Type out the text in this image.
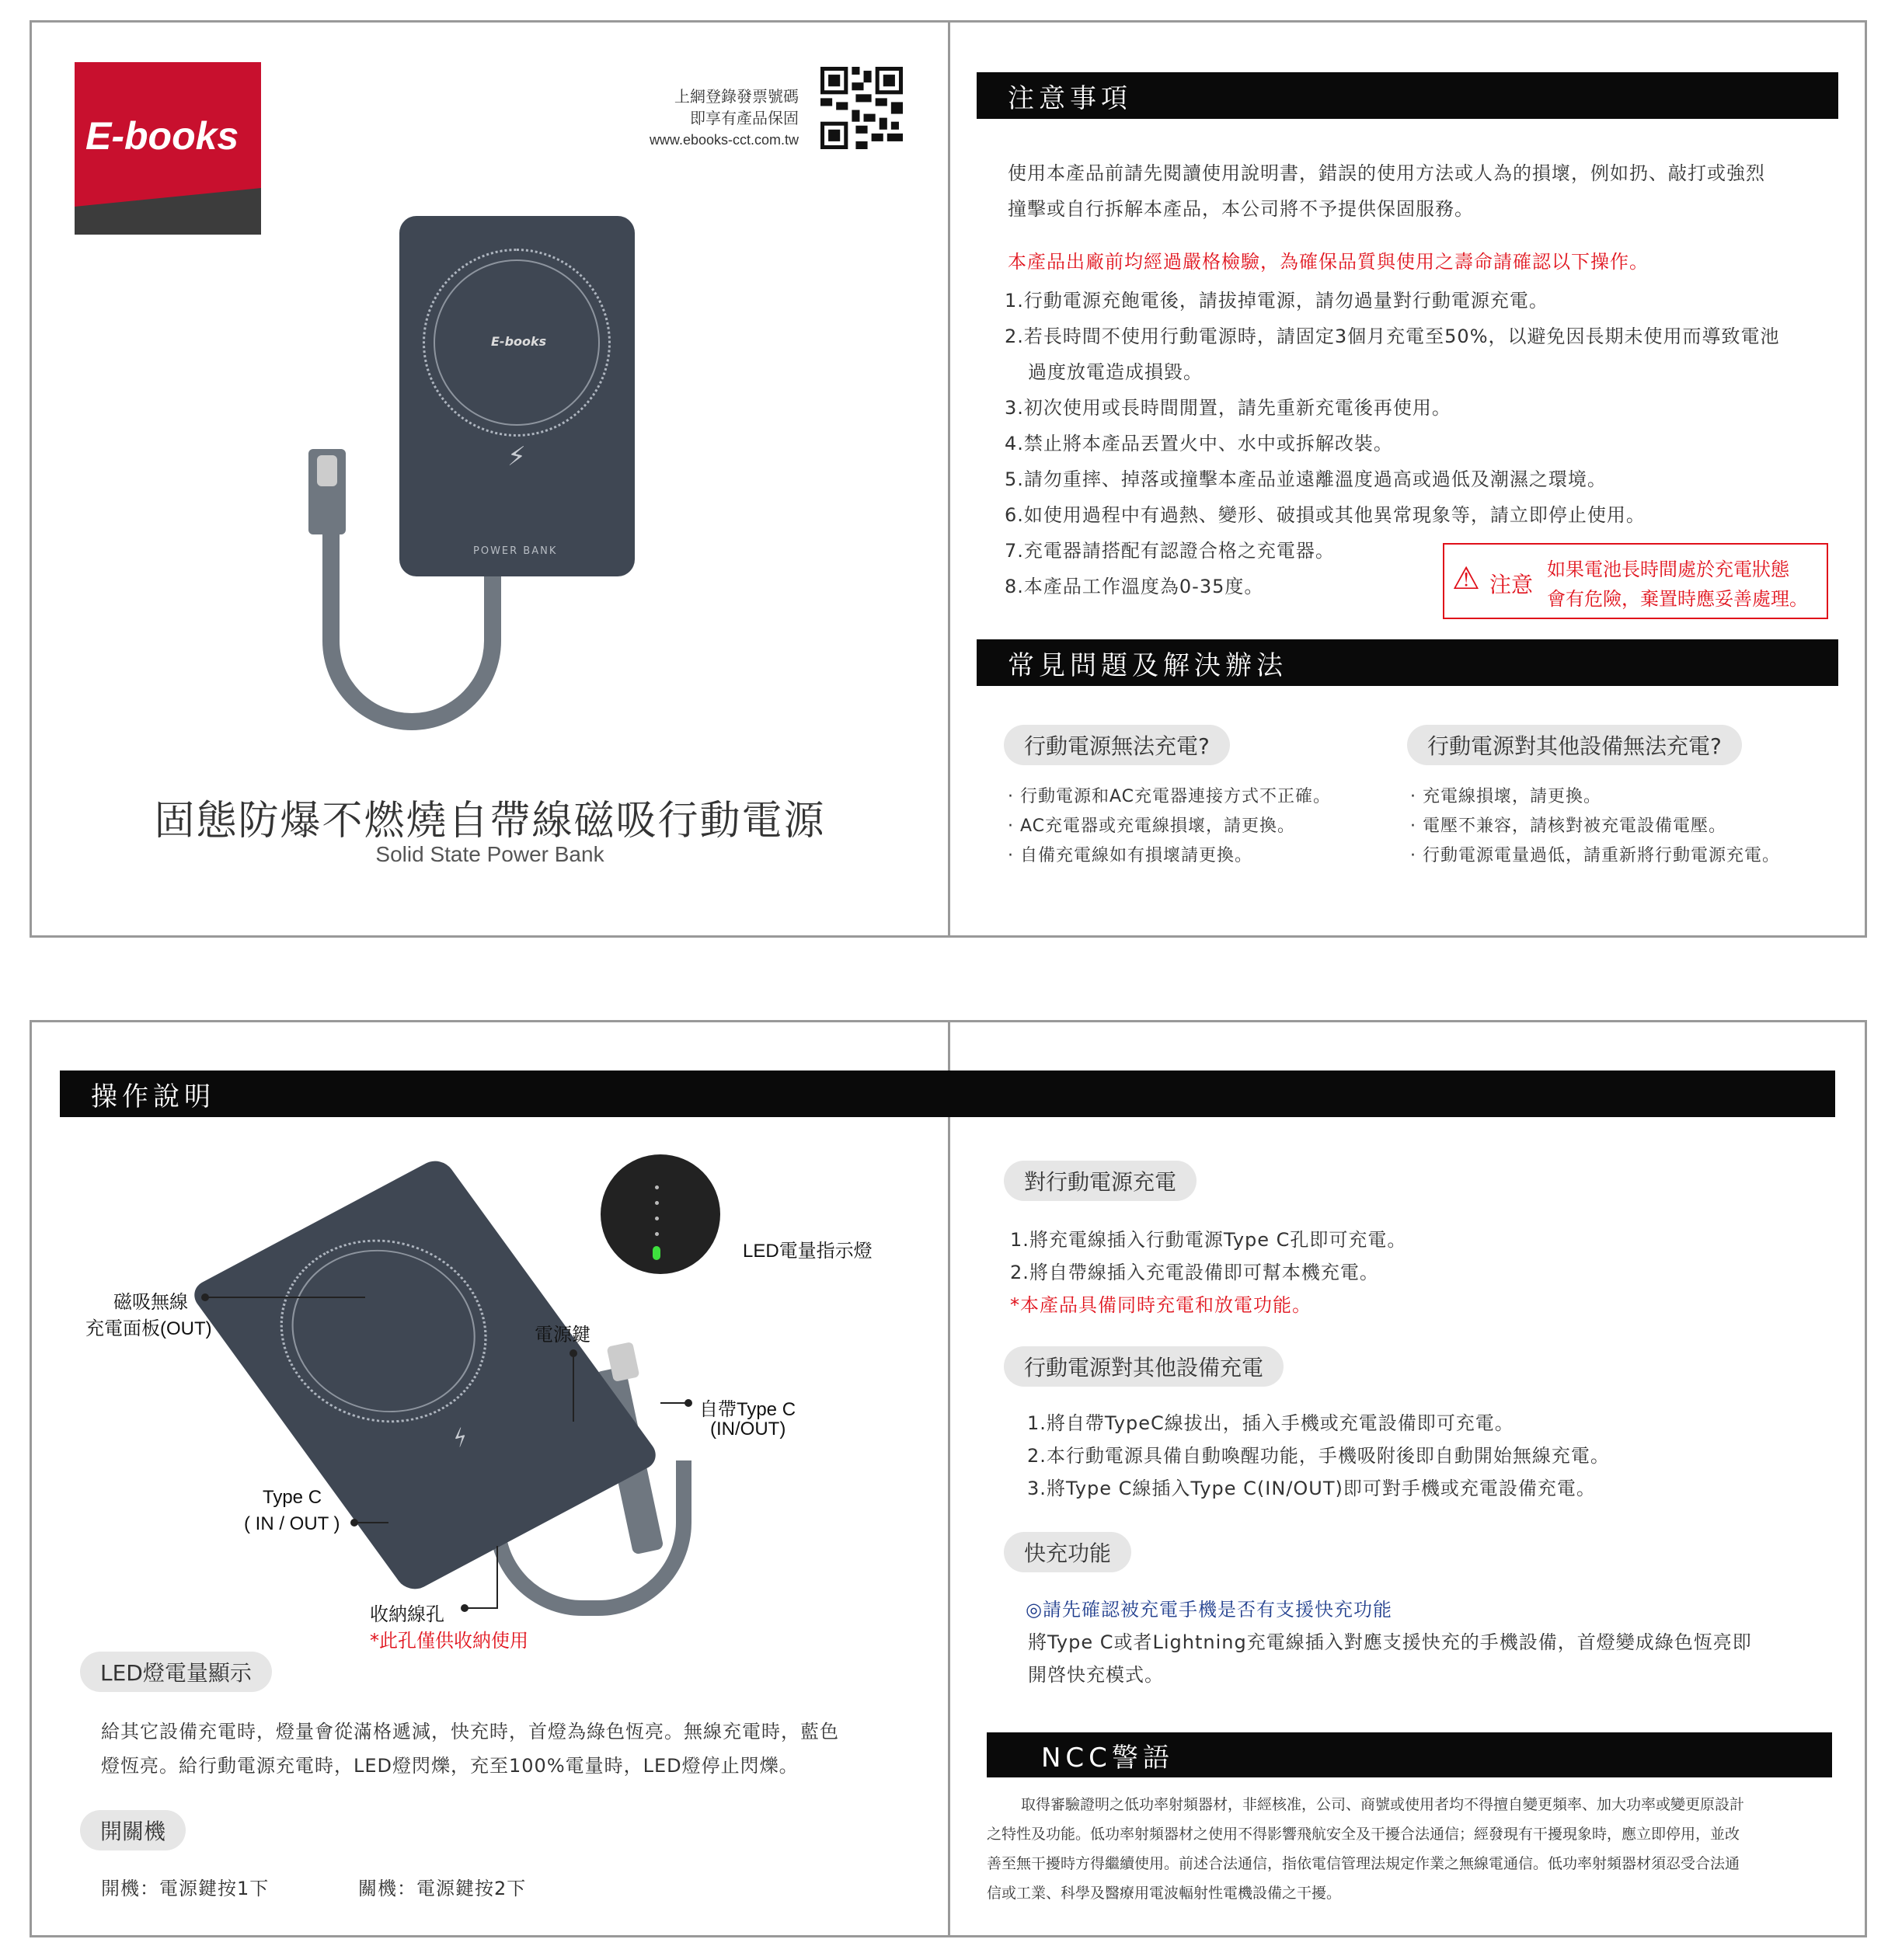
E-books
上網登錄發票號碼
即享有產品保固
www.ebooks-cct.com.tw
E-books
⚡
POWER BANK
固態防爆不燃燒自帶線磁吸行動電源
Solid State Power Bank
注意事項
使用本產品前請先閱讀使用說明書，錯誤的使用方法或人為的損壞，例如扔、敲打或強烈
撞擊或自行拆解本產品，本公司將不予提供保固服務。
本產品出廠前均經過嚴格檢驗，為確保品質與使用之壽命請確認以下操作。
1.行動電源充飽電後，請拔掉電源，請勿過量對行動電源充電。
2.若長時間不使用行動電源時，請固定3個月充電至50%，以避免因長期未使用而導致電池
過度放電造成損毀。
3.初次使用或長時間閒置，請先重新充電後再使用。
4.禁止將本產品丟置火中、水中或拆解改裝。
5.請勿重摔、掉落或撞擊本產品並遠離溫度過高或過低及潮濕之環境。
6.如使用過程中有過熱、變形、破損或其他異常現象等，請立即停止使用。
7.充電器請搭配有認證合格之充電器。
8.本產品工作溫度為0-35度。	⚠ 注意
如果電池長時間處於充電狀態
會有危險，棄置時應妥善處理。
常見問題及解決辦法
行動電源無法充電?	行動電源對其他設備無法充電?
· 行動電源和AC充電器連接方式不正確。
· AC充電器或充電線損壞，請更換。
· 自備充電線如有損壞請更換。
· 充電線損壞，請更換。
· 電壓不兼容，請核對被充電設備電壓。
· 行動電源電量過低，請重新將行動電源充電。
操作說明
⚡
LED電量指示燈
磁吸無線
充電面板(OUT)	電源鍵
自帶Type C
(IN/OUT)
Type C
( IN / OUT )
收納線孔
*此孔僅供收納使用
LED燈電量顯示
給其它設備充電時，燈量會從滿格遞減，快充時，首燈為綠色恆亮。無線充電時，藍色
燈恆亮。給行動電源充電時，LED燈閃爍，充至100%電量時，LED燈停止閃爍。
開關機
開機：電源鍵按1下	關機：電源鍵按2下
對行動電源充電
1.將充電線插入行動電源Type C孔即可充電。
2.將自帶線插入充電設備即可幫本機充電。
*本產品具備同時充電和放電功能。
行動電源對其他設備充電
1.將自帶TypeC線拔出，插入手機或充電設備即可充電。
2.本行動電源具備自動喚醒功能，手機吸附後即自動開始無線充電。
3.將Type C線插入Type C(IN/OUT)即可對手機或充電設備充電。
快充功能
◎請先確認被充電手機是否有支援快充功能
將Type C或者Lightning充電線插入對應支援快充的手機設備，首燈變成綠色恆亮即
開啓快充模式。
NCC警語
取得審驗證明之低功率射頻器材，非經核准，公司、商號或使用者均不得擅自變更頻率、加大功率或變更原設計
之特性及功能。低功率射頻器材之使用不得影響飛航安全及干擾合法通信；經發現有干擾現象時，應立即停用，並改
善至無干擾時方得繼續使用。前述合法通信，指依電信管理法規定作業之無線電通信。低功率射頻器材須忍受合法通
信或工業、科學及醫療用電波輻射性電機設備之干擾。
